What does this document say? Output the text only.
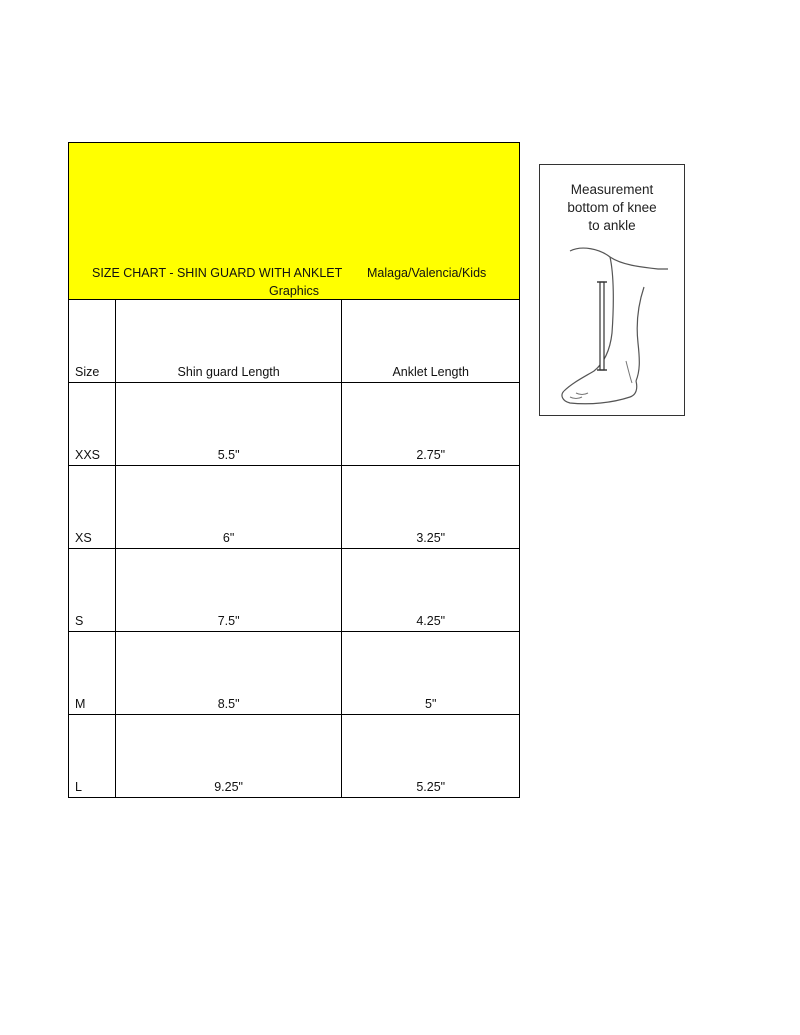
SIZE CHART - SHIN GUARD WITH ANKLET Malaga/Valencia/Kids
Graphics		

Size	Shin guard Length	Anklet Length
XXS	5.5"	2.75"
XS	6"	3.25"
S	7.5"	4.25"
M	8.5"	5"
L	9.25"	5.25"
Measurement
bottom of knee
to ankle
